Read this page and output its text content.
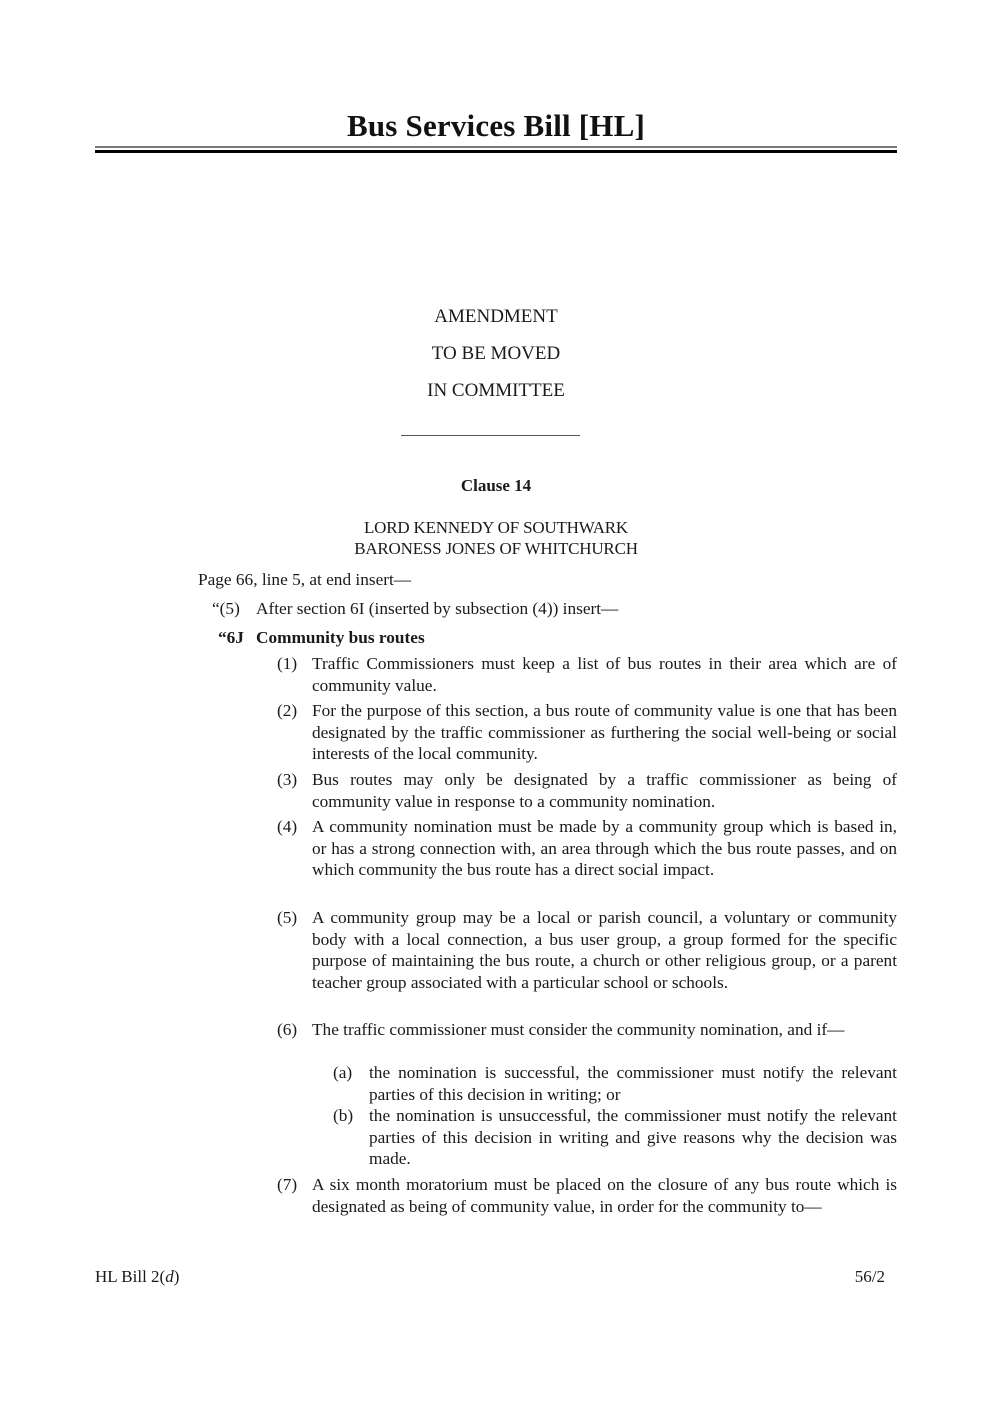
Bus Services Bill [HL]
AMENDMENT
TO BE MOVED
IN COMMITTEE
Clause 14
LORD KENNEDY OF SOUTHWARK
BARONESS JONES OF WHITCHURCH
Page 66, line 5, at end insert—
“(5) After section 6I (inserted by subsection (4)) insert—
“6J Community bus routes
(1) Traffic Commissioners must keep a list of bus routes in their area which are of community value.
(2) For the purpose of this section, a bus route of community value is one that has been designated by the traffic commissioner as furthering the social well-being or social interests of the local community.
(3) Bus routes may only be designated by a traffic commissioner as being of community value in response to a community nomination.
(4) A community nomination must be made by a community group which is based in, or has a strong connection with, an area through which the bus route passes, and on which community the bus route has a direct social impact.
(5) A community group may be a local or parish council, a voluntary or community body with a local connection, a bus user group, a group formed for the specific purpose of maintaining the bus route, a church or other religious group, or a parent teacher group associated with a particular school or schools.
(6) The traffic commissioner must consider the community nomination, and if—
(a) the nomination is successful, the commissioner must notify the relevant parties of this decision in writing; or
(b) the nomination is unsuccessful, the commissioner must notify the relevant parties of this decision in writing and give reasons why the decision was made.
(7) A six month moratorium must be placed on the closure of any bus route which is designated as being of community value, in order for the community to—
HL Bill 2(d)	56/2
